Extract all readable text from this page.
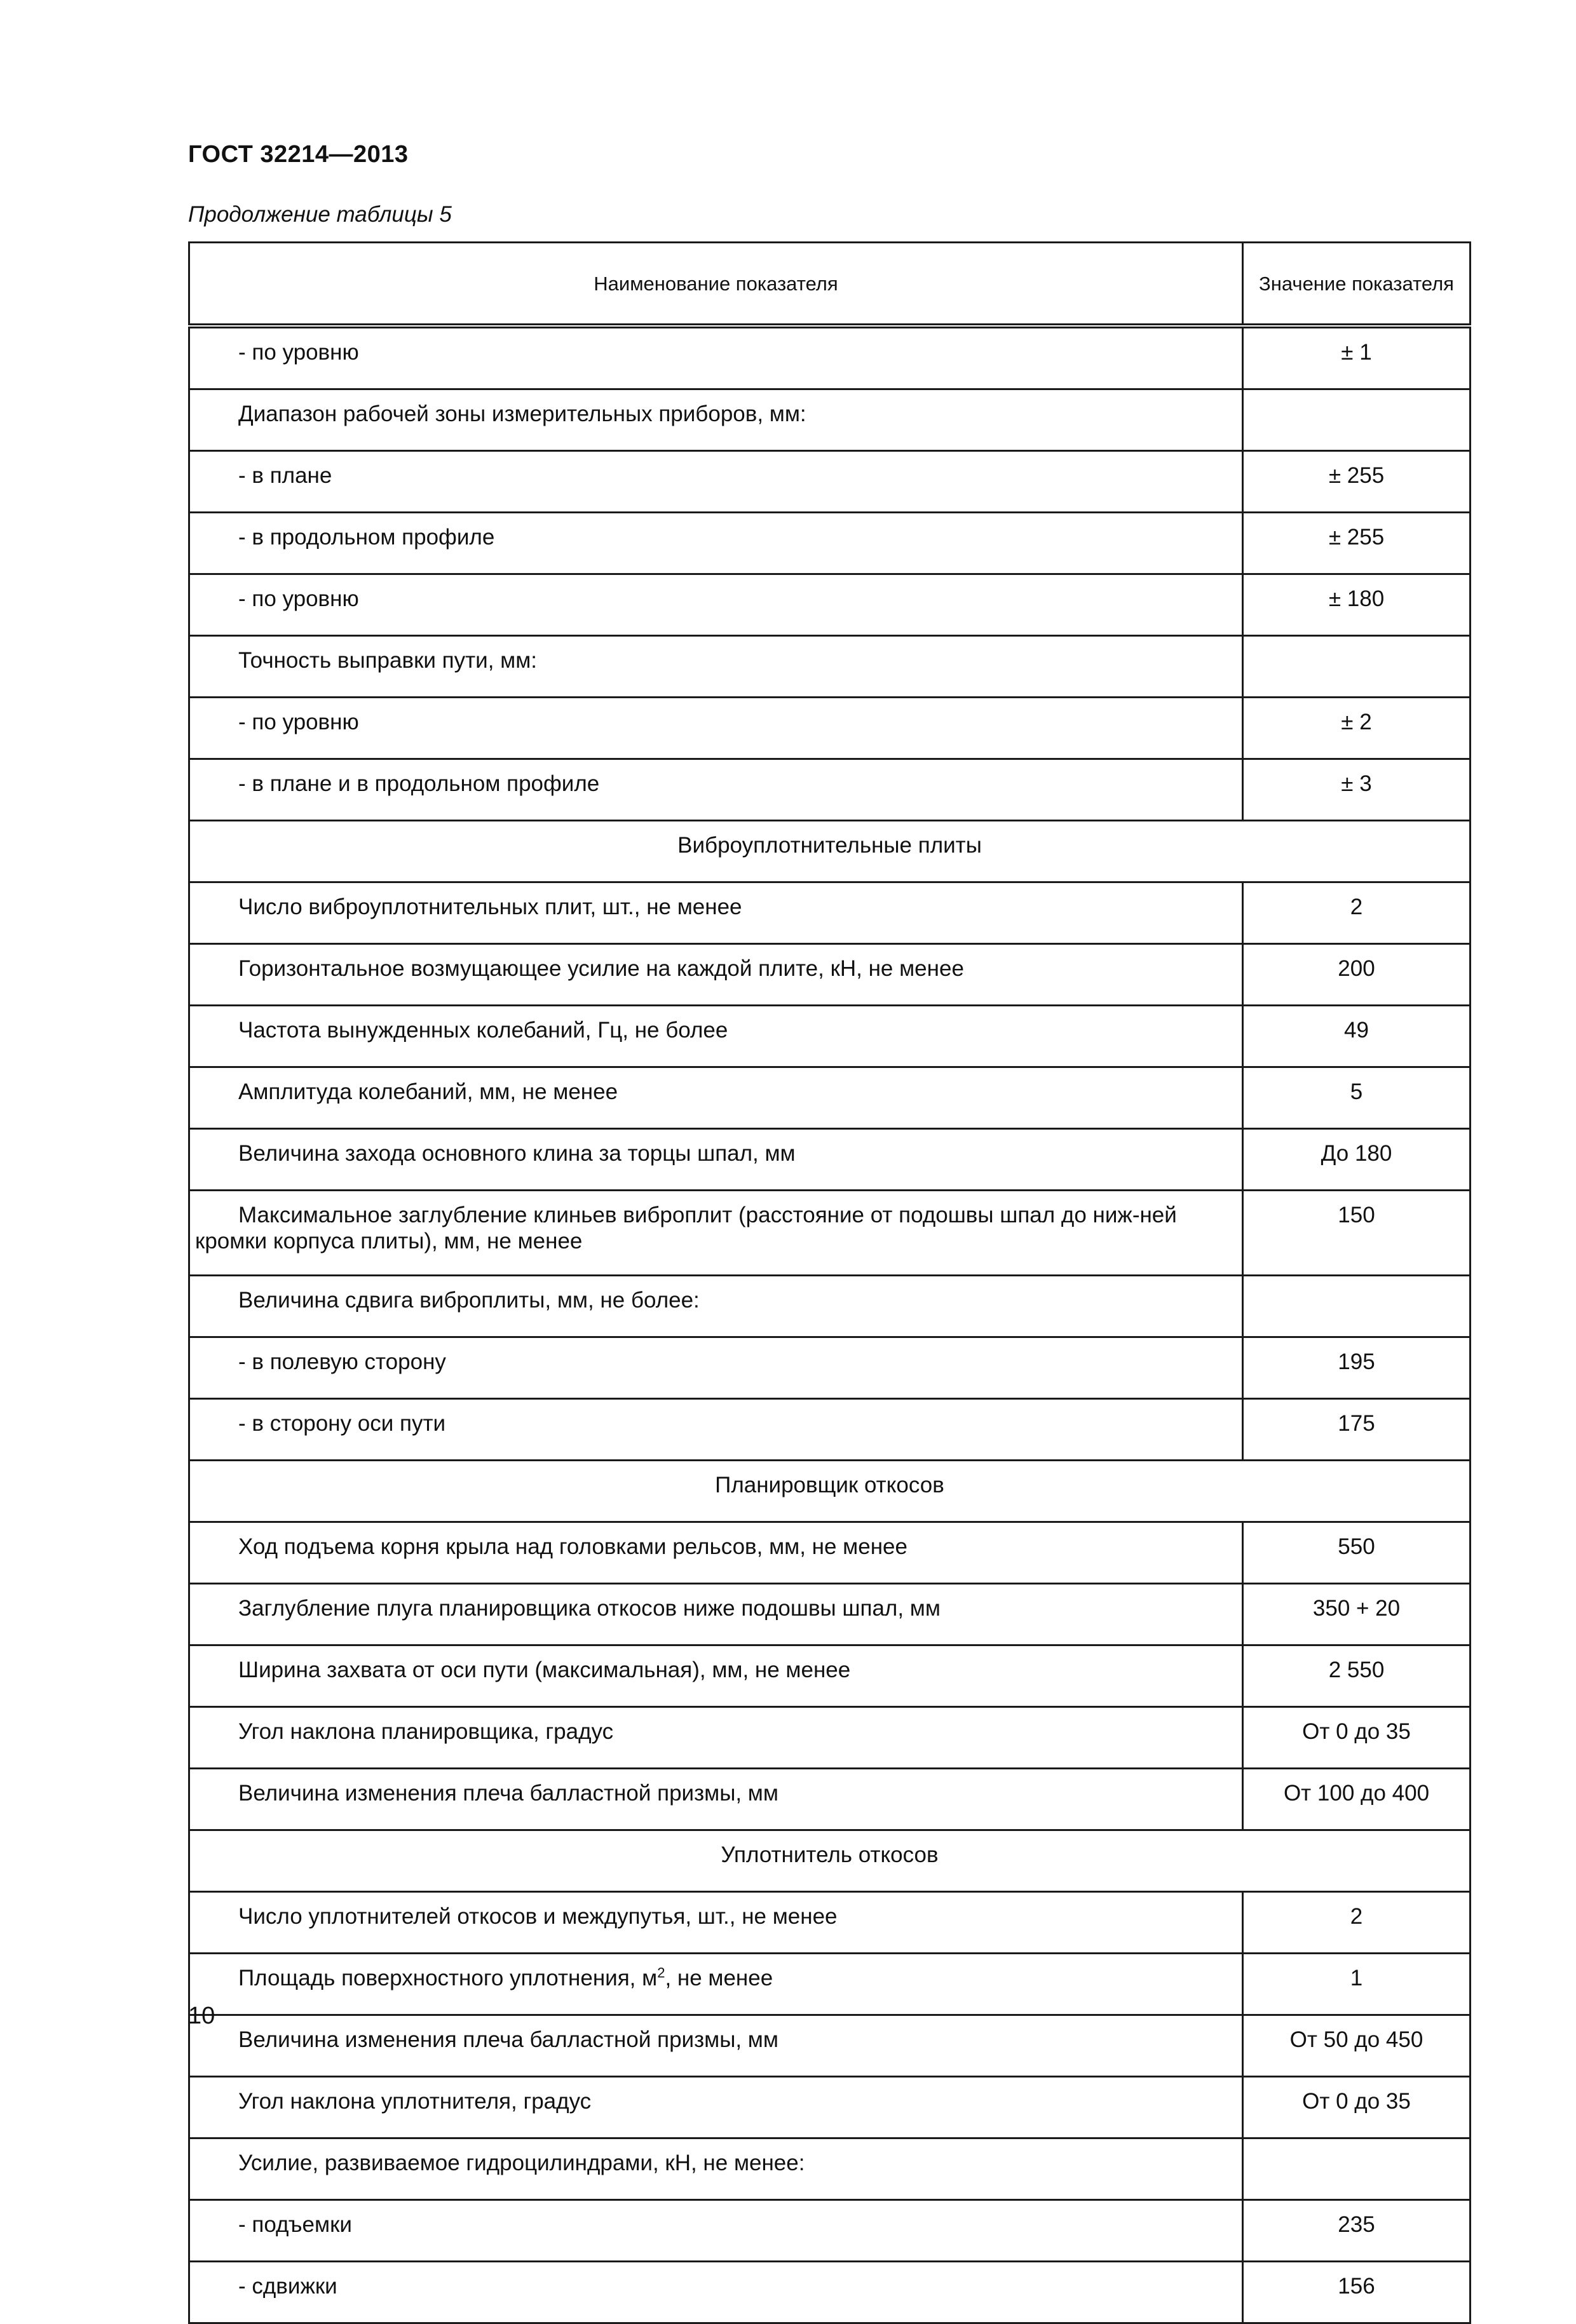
ГОСТ 32214—2013
Продолжение таблицы 5
Наименование показателя	Значение показателя
- по уровню	± 1
Диапазон рабочей зоны измерительных приборов, мм:	
- в плане	± 255
- в продольном профиле	± 255
- по уровню	± 180
Точность выправки пути, мм:	
- по уровню	± 2
- в плане и в продольном профиле	± 3
Виброуплотнительные плиты	
Число виброуплотнительных плит, шт., не менее	2
Горизонтальное возмущающее усилие на каждой плите, кН, не менее	200
Частота вынужденных колебаний, Гц, не более	49
Амплитуда колебаний, мм, не менее	5
Величина захода основного клина за торцы шпал, мм	До 180
Максимальное заглубление клиньев виброплит (расстояние от подошвы шпал до ниж-ней кромки корпуса плиты), мм, не менее	150
Величина сдвига виброплиты, мм, не более:	
- в полевую сторону	195
- в сторону оси пути	175
Планировщик откосов	
Ход подъема корня крыла над головками рельсов, мм, не менее	550
Заглубление плуга планировщика откосов ниже подошвы шпал, мм	350 + 20
Ширина захвата от оси пути (максимальная), мм, не менее	2 550
Угол наклона планировщика, градус	От 0 до 35
Величина изменения плеча балластной призмы, мм	От 100 до 400
Уплотнитель откосов	
Число уплотнителей откосов и междупутья, шт., не менее	2
Площадь поверхностного уплотнения, $м^2$, не менее	1
Величина изменения плеча балластной призмы, мм	От 50 до 450
Угол наклона уплотнителя, градус	От 0 до 35
Усилие, развиваемое гидроцилиндрами, кН, не менее:	
- подъемки	235
- сдвижки	156
10
